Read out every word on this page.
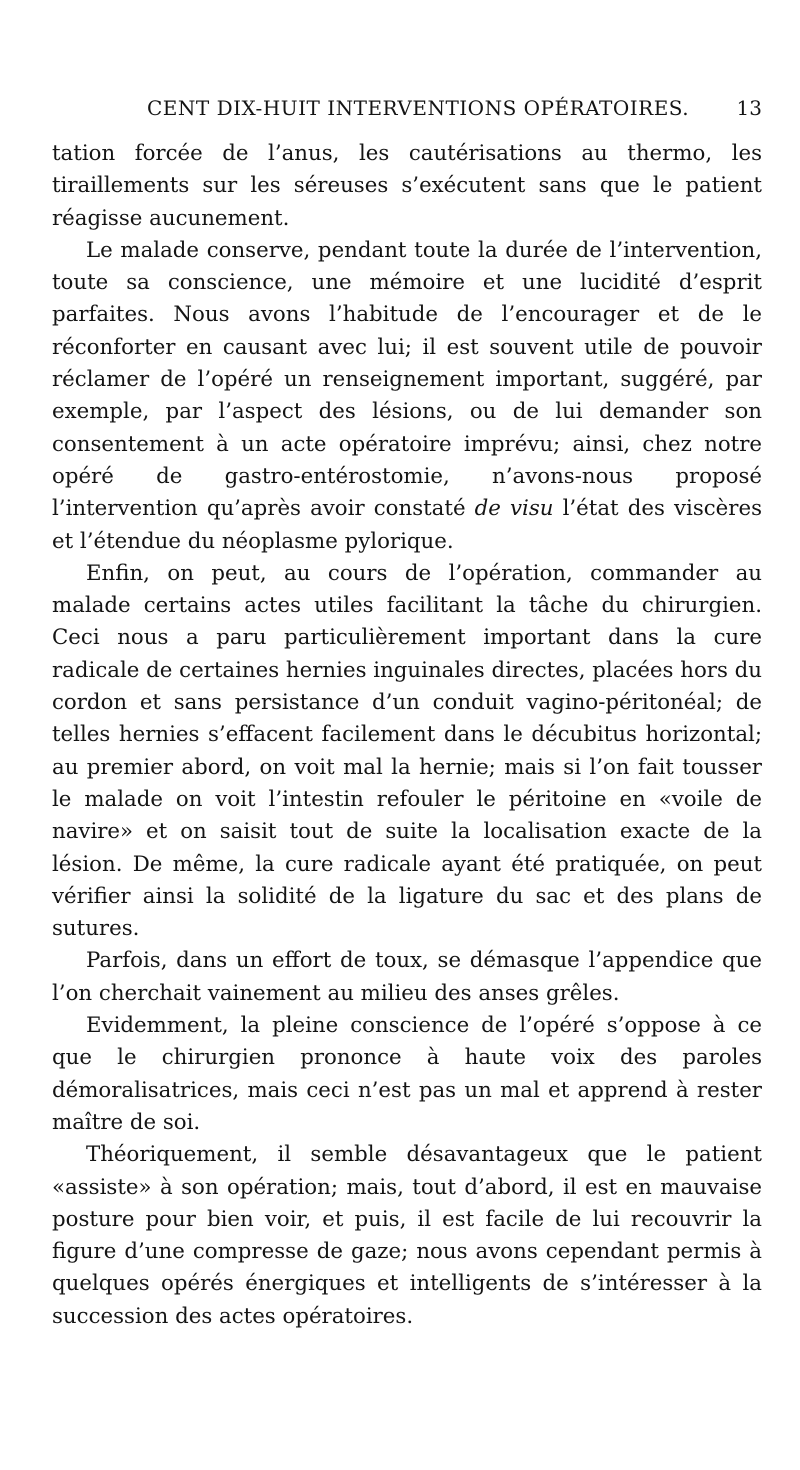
CENT DIX-HUIT INTERVENTIONS OPÉRATOIRES. 13

tation forcée de l’anus, les cautérisations au thermo, les tiraillements sur les séreuses s’exécutent sans que le patient réagisse aucunement.

Le malade conserve, pendant toute la durée de l’intervention, toute sa conscience, une mémoire et une lucidité d’esprit parfaites. Nous avons l’habitude de l’encourager et de le réconforter en causant avec lui; il est souvent utile de pouvoir réclamer de l’opéré un renseignement important, suggéré, par exemple, par l’aspect des lésions, ou de lui demander son consentement à un acte opératoire imprévu; ainsi, chez notre opéré de gastro-entérostomie, n’avons-nous proposé l’intervention qu’après avoir constaté de visu l’état des viscères et l’étendue du néoplasme pylorique.

Enfin, on peut, au cours de l’opération, commander au malade certains actes utiles facilitant la tâche du chirurgien. Ceci nous a paru particulièrement important dans la cure radicale de certaines hernies inguinales directes, placées hors du cordon et sans persistance d’un conduit vagino-péritonéal; de telles hernies s’effacent facilement dans le décubitus horizontal; au premier abord, on voit mal la hernie; mais si l’on fait tousser le malade on voit l’intestin refouler le péritoine en «voile de navire» et on saisit tout de suite la localisation exacte de la lésion. De même, la cure radicale ayant été pratiquée, on peut vérifier ainsi la solidité de la ligature du sac et des plans de sutures.

Parfois, dans un effort de toux, se démasque l’appendice que l’on cherchait vainement au milieu des anses grêles.

Evidemment, la pleine conscience de l’opéré s’oppose à ce que le chirurgien prononce à haute voix des paroles démoralisatrices, mais ceci n’est pas un mal et apprend à rester maître de soi.

Théoriquement, il semble désavantageux que le patient «assiste» à son opération; mais, tout d’abord, il est en mauvaise posture pour bien voir, et puis, il est facile de lui recouvrir la figure d’une compresse de gaze; nous avons cependant permis à quelques opérés énergiques et intelligents de s’intéresser à la succession des actes opératoires.
